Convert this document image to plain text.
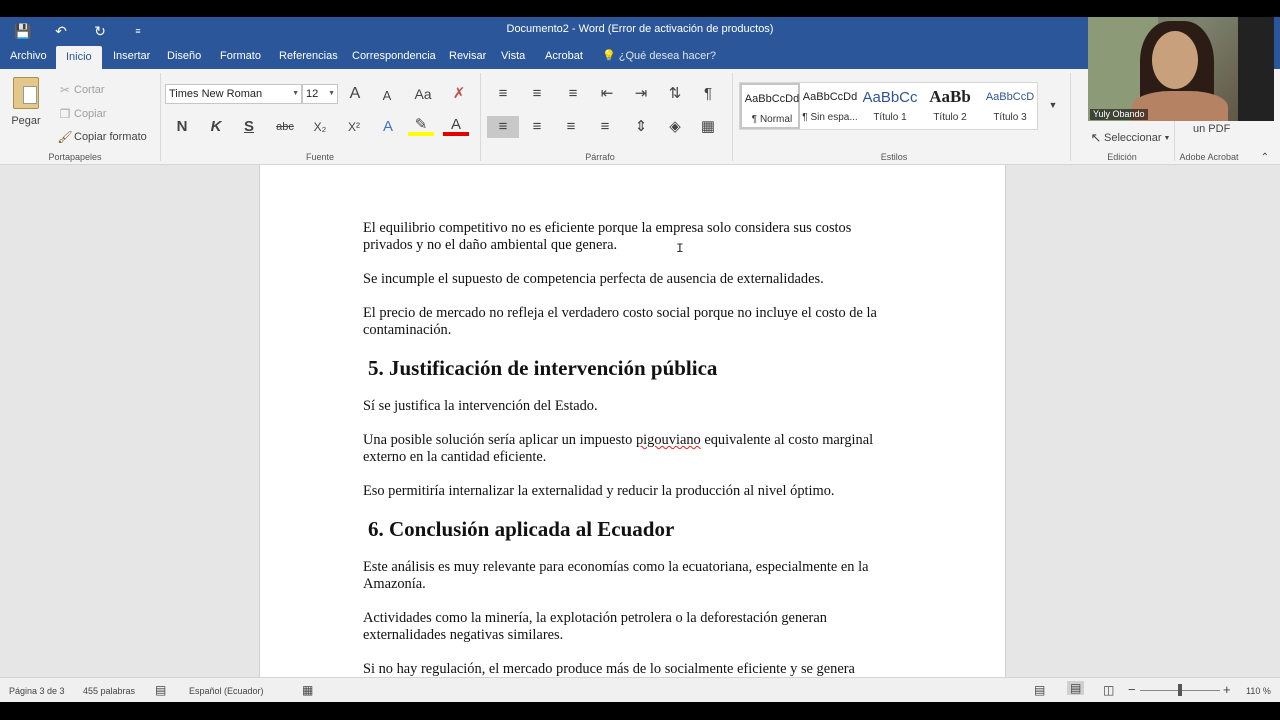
💾	↶	↻	≡	Documento2 - Word (Error de activación de productos)
Archivo	Inicio	Insertar	Diseño	Formato	Referencias	Correspondencia	Revisar	Vista	Acrobat	💡 ¿Qué desea hacer?
Pegar
✂ Cortar
❐ Copiar
🖌 Copiar formato
Portapapeles
Times New Roman	▼ 12 ▼ A	A	Aa	✗
N	K	S	abc	X₂	X²	A	✎	A
Fuente
≡	≡	≡	⇤	⇥	⇅	¶
≡	≡	≡	≡	⇕	◈	▦
Párrafo
AaBbCcDd
¶ Normal
AaBbCcDd
¶ Sin espa...
AaBbCc
Título 1
AaBb
Título 2
AaBbCcD
Título 3
▼
Estilos
↖ Seleccionar ▼
Edición
un PDF
Adobe Acrobat	⌃
Yuly Obando
El equilibrio competitivo no es eficiente porque la empresa solo considera sus costos privados y no el daño ambiental que genera.
Se incumple el supuesto de competencia perfecta de ausencia de externalidades.
El precio de mercado no refleja el verdadero costo social porque no incluye el costo de la contaminación.
5. Justificación de intervención pública
Sí se justifica la intervención del Estado.
Una posible solución sería aplicar un impuesto pigouviano equivalente al costo marginal externo en la cantidad eficiente.
Eso permitiría internalizar la externalidad y reducir la producción al nivel óptimo.
6. Conclusión aplicada al Ecuador
Este análisis es muy relevante para economías como la ecuatoriana, especialmente en la Amazonía.
Actividades como la minería, la explotación petrolera o la deforestación generan externalidades negativas similares.
Si no hay regulación, el mercado produce más de lo socialmente eficiente y se genera
I
Página 3 de 3 455 palabras ▤	Español (Ecuador)	▦	▤ ▤ ◫ −	+ 110 %
